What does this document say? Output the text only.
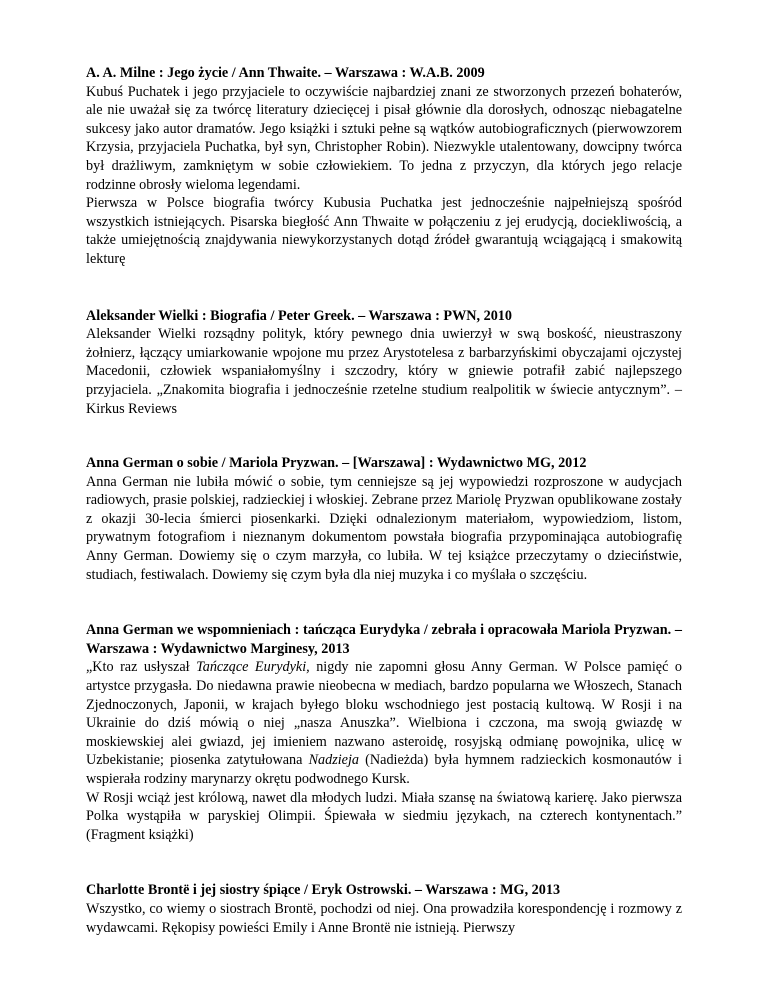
A. A. Milne : Jego życie / Ann Thwaite. – Warszawa : W.A.B. 2009
Kubuś Puchatek i jego przyjaciele to oczywiście najbardziej znani ze stworzonych przezeń bohaterów, ale nie uważał się za twórcę literatury dziecięcej i pisał głównie dla dorosłych, odnosząc niebagatelne sukcesy jako autor dramatów. Jego książki i sztuki pełne są wątków autobiograficznych (pierwowzorem Krzysia, przyjaciela Puchatka, był syn, Christopher Robin). Niezwykle utalentowany, dowcipny twórca był drażliwym, zamkniętym w sobie człowiekiem. To jedna z przyczyn, dla których jego relacje rodzinne obrosły wieloma legendami.
Pierwsza w Polsce biografia twórcy Kubusia Puchatka jest jednocześnie najpełniejszą spośród wszystkich istniejących. Pisarska biegłość Ann Thwaite w połączeniu z jej erudycją, dociekliwością, a także umiejętnością znajdywania niewykorzystanych dotąd źródeł gwarantują wciągającą i smakowitą lekturę
Aleksander Wielki : Biografia / Peter Greek. – Warszawa : PWN, 2010
Aleksander Wielki rozsądny polityk, który pewnego dnia uwierzył w swą boskość, nieustraszony żołnierz, łączący umiarkowanie wpojone mu przez Arystotelesa z barbarzyńskimi obyczajami ojczystej Macedonii, człowiek wspaniałomyślny i szczodry, który w gniewie potrafił zabić najlepszego przyjaciela. „Znakomita biografia i jednocześnie rzetelne studium realpolitik w świecie antycznym”. – Kirkus Reviews
Anna German o sobie / Mariola Pryzwan. – [Warszawa] : Wydawnictwo MG, 2012
Anna German nie lubiła mówić o sobie, tym cenniejsze są jej wypowiedzi rozproszone w audycjach radiowych, prasie polskiej, radzieckiej i włoskiej. Zebrane przez Mariolę Pryzwan opublikowane zostały z okazji 30-lecia śmierci piosenkarki. Dzięki odnalezionym materiałom, wypowiedziom, listom, prywatnym fotografiom i nieznanym dokumentom powstała biografia przypominająca autobiografię Anny German. Dowiemy się o czym marzyła, co lubiła. W tej książce przeczytamy o dzieciństwie, studiach, festiwalach. Dowiemy się czym była dla niej muzyka i co myślała o szczęściu.
Anna German we wspomnieniach : tańcząca Eurydyka / zebrała i opracowała Mariola Pryzwan. – Warszawa : Wydawnictwo Marginesy, 2013
„Kto raz usłyszał Tańczące Eurydyki, nigdy nie zapomni głosu Anny German. W Polsce pamięć o artystce przygasła. Do niedawna prawie nieobecna w mediach, bardzo popularna we Włoszech, Stanach Zjednoczonych, Japonii, w krajach byłego bloku wschodniego jest postacią kultową. W Rosji i na Ukrainie do dziś mówią o niej „nasza Anuszka”. Wielbiona i czczona, ma swoją gwiazdę w moskiewskiej alei gwiazd, jej imieniem nazwano asteroidę, rosyjską odmianę powojnika, ulicę w Uzbekistanie; piosenka zatytułowana Nadzieja (Nadieżda) była hymnem radzieckich kosmonautów i wspierała rodziny marynarzy okrętu podwodnego Kursk.
W Rosji wciąż jest królową, nawet dla młodych ludzi. Miała szansę na światową karierę. Jako pierwsza Polka wystąpiła w paryskiej Olimpii. Śpiewała w siedmiu językach, na czterech kontynentach.” (Fragment książki)
Charlotte Brontë i jej siostry śpiące / Eryk Ostrowski. – Warszawa : MG, 2013
Wszystko, co wiemy o siostrach Brontë, pochodzi od niej. Ona prowadziła korespondencję i rozmowy z wydawcami. Rękopisy powieści Emily i Anne Brontë nie istnieją. Pierwszy
